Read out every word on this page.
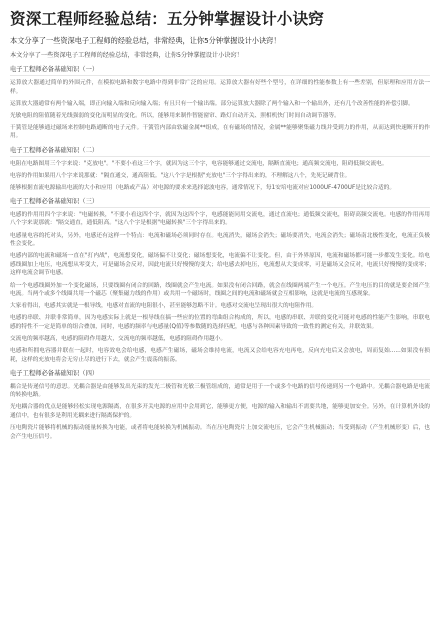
资深工程师经验总结：五分钟掌握设计小诀窍

本文分享了一些资深电子工程师的经验总结，非常经典，让你5分钟掌握设计小诀窍！

本文分享了一些资深电子工程师的经验总结，非常经典，让你5分钟掌握设计小诀窍！

电子工程师必备基础知识（一）

运算放大器通过简单的外围元件，在模拟电路和数字电路中得到非常广泛的应用。运算放大器有好些个型号，在详细的性能参数上有一些差别，但原理和应用方法一样。

运算放大器通常有两个输入端，即正向输入端和反向输入端；有且只有一个输出端。部分运算放大器除了两个输入和一个输出外，还有几个改善性能的补偿引脚。

光敏电阻的阻值随着光线强弱的变化而明显的变化。所以，能够用来制作智能窗帘、路灯自动开关、照相机快门时间自动调节器等。

干簧管是能够通过磁场来控制电路通断的电子元件。干簧管内部由软磁金属**组成，在有磁场的情况，金属**能够聚集磁力线并受到力的作用，从而达到快速断开的作用。

电子工程师必备基础知识（二）

电阻在电路图用三个字来说："克放电"。"不要小看这三个字，就因为这三个字，电容能够通过交流电，隔断直流电；通高频交流电，阻碍低频交流电。

电容的作用如果用八个字来说那就："隔直通交，通高阻低。"这八个字是根据"充放电"三个字得出来的，不理解这八个，先死记硬背住。

能够根据直流电源输出电流的大小和应用（电路或产品）对电源的要求来选择滤波电容，通常情况下，每1安培电流对应1000UF-4700UF是比较合适的。

电子工程师必备基础知识（三）

电感的作用用四个字来说："电磁转换，"不要小看这四个字，就因为这四个字，电感能能同用交流电，通过直流电；通低频交流电，阻碍高频交流电。电感的作用再用八个字来说那就："隔交通直，通低阻高。"这八个字是根据"电磁转换"三个字得出来的。

电感量电容的托对头，另外，电感还有这样一个特点：电流和磁场必须同时存在。电流消失，磁场会消失；磁场要消失，电流会消失；磁场南北极性变化，电流正负极性会变化。

电感内部的电流和磁场一直在"打内战"，电流想变化，磁场偏不让变化；磁场想变化，电流偏不让变化。但，由于外界原因，电流和磁场都可能一步都发生变化。给电感线圈加上电压，电流想从零变大，可是磁场会反对，因此电流只好慢慢的变大；给电感去掉电压，电流想从大变成零，可是磁场又会反对，电流只好慢慢的变成零；这样电流会调节电感。

给一个电感线圈外加一个变化磁场，只要线圈有闭合的回路，线圈就会产生电流。如果没有闭合回路，就会在线圈两端产生一个电压。产生电压的目的就是要企图产生电流。当两个或多个线圈共用一个磁芯（聚集磁力线的作用）或共用一个磁场时，线圈之间的电流和磁场就会互相影响，这就是电流的互感现象。

大家看得出，电感其实就是一根导线，电感对直流的电阻很小，甚至能够忽略不计。电感对交流电呈现出很大的电阻作用。

电感的串联、并联非常简单，因为电感实际上就是一根导线在搞一些应的位置的弯曲组合构成的，所以，电感的串联、并联的变化可能对电感的性能产生影响，串联电感的特性不一定是简单的组合叠加，同时，电感的频率与电感量(Q值)等参数随的选择匹配，电感与各种因素导致的一致性的测定有关，并联效果。

交流电的频率越高，电感的阻碍作用越大，交流电的频率越低，电感的阻碍作用越小。

电感和所拥电容器并联在一起时，电容效电会给电感，电感产生磁场，磁场会维持电流，电流又会给电容充电再电，反向充电后又会放电，周而复始......如果没有损耗，这样的充放电将会无穷止尽的进行下去，就会产生震荡的振荡。

电子工程师必备基础知识（四）

耦合是传递信号的意思。光耦合器是由能够发出光束的发光二极管和光敏三极管组成的，通常是用于一个或多个电路的信号传递到另一个电路中。光耦合器电路是电流的转换电路。

光电耦合器的优点是能够轻松实现电源隔离，在很多开关电源的应用中会用到它，能够更方便，电源的输入和输出不需要共地，能够更加安全。另外，在计算机外设的通信中，也有很多是利用光耦来进行隔离保护的。

压电陶瓷片能够将机械的振动能量转换为电能，或者将电能转换为机械振动。当在压电陶瓷片上加交流电压，它会产生机械振动；当受到振动（产生机械形变）后，也会产生电压信号。
